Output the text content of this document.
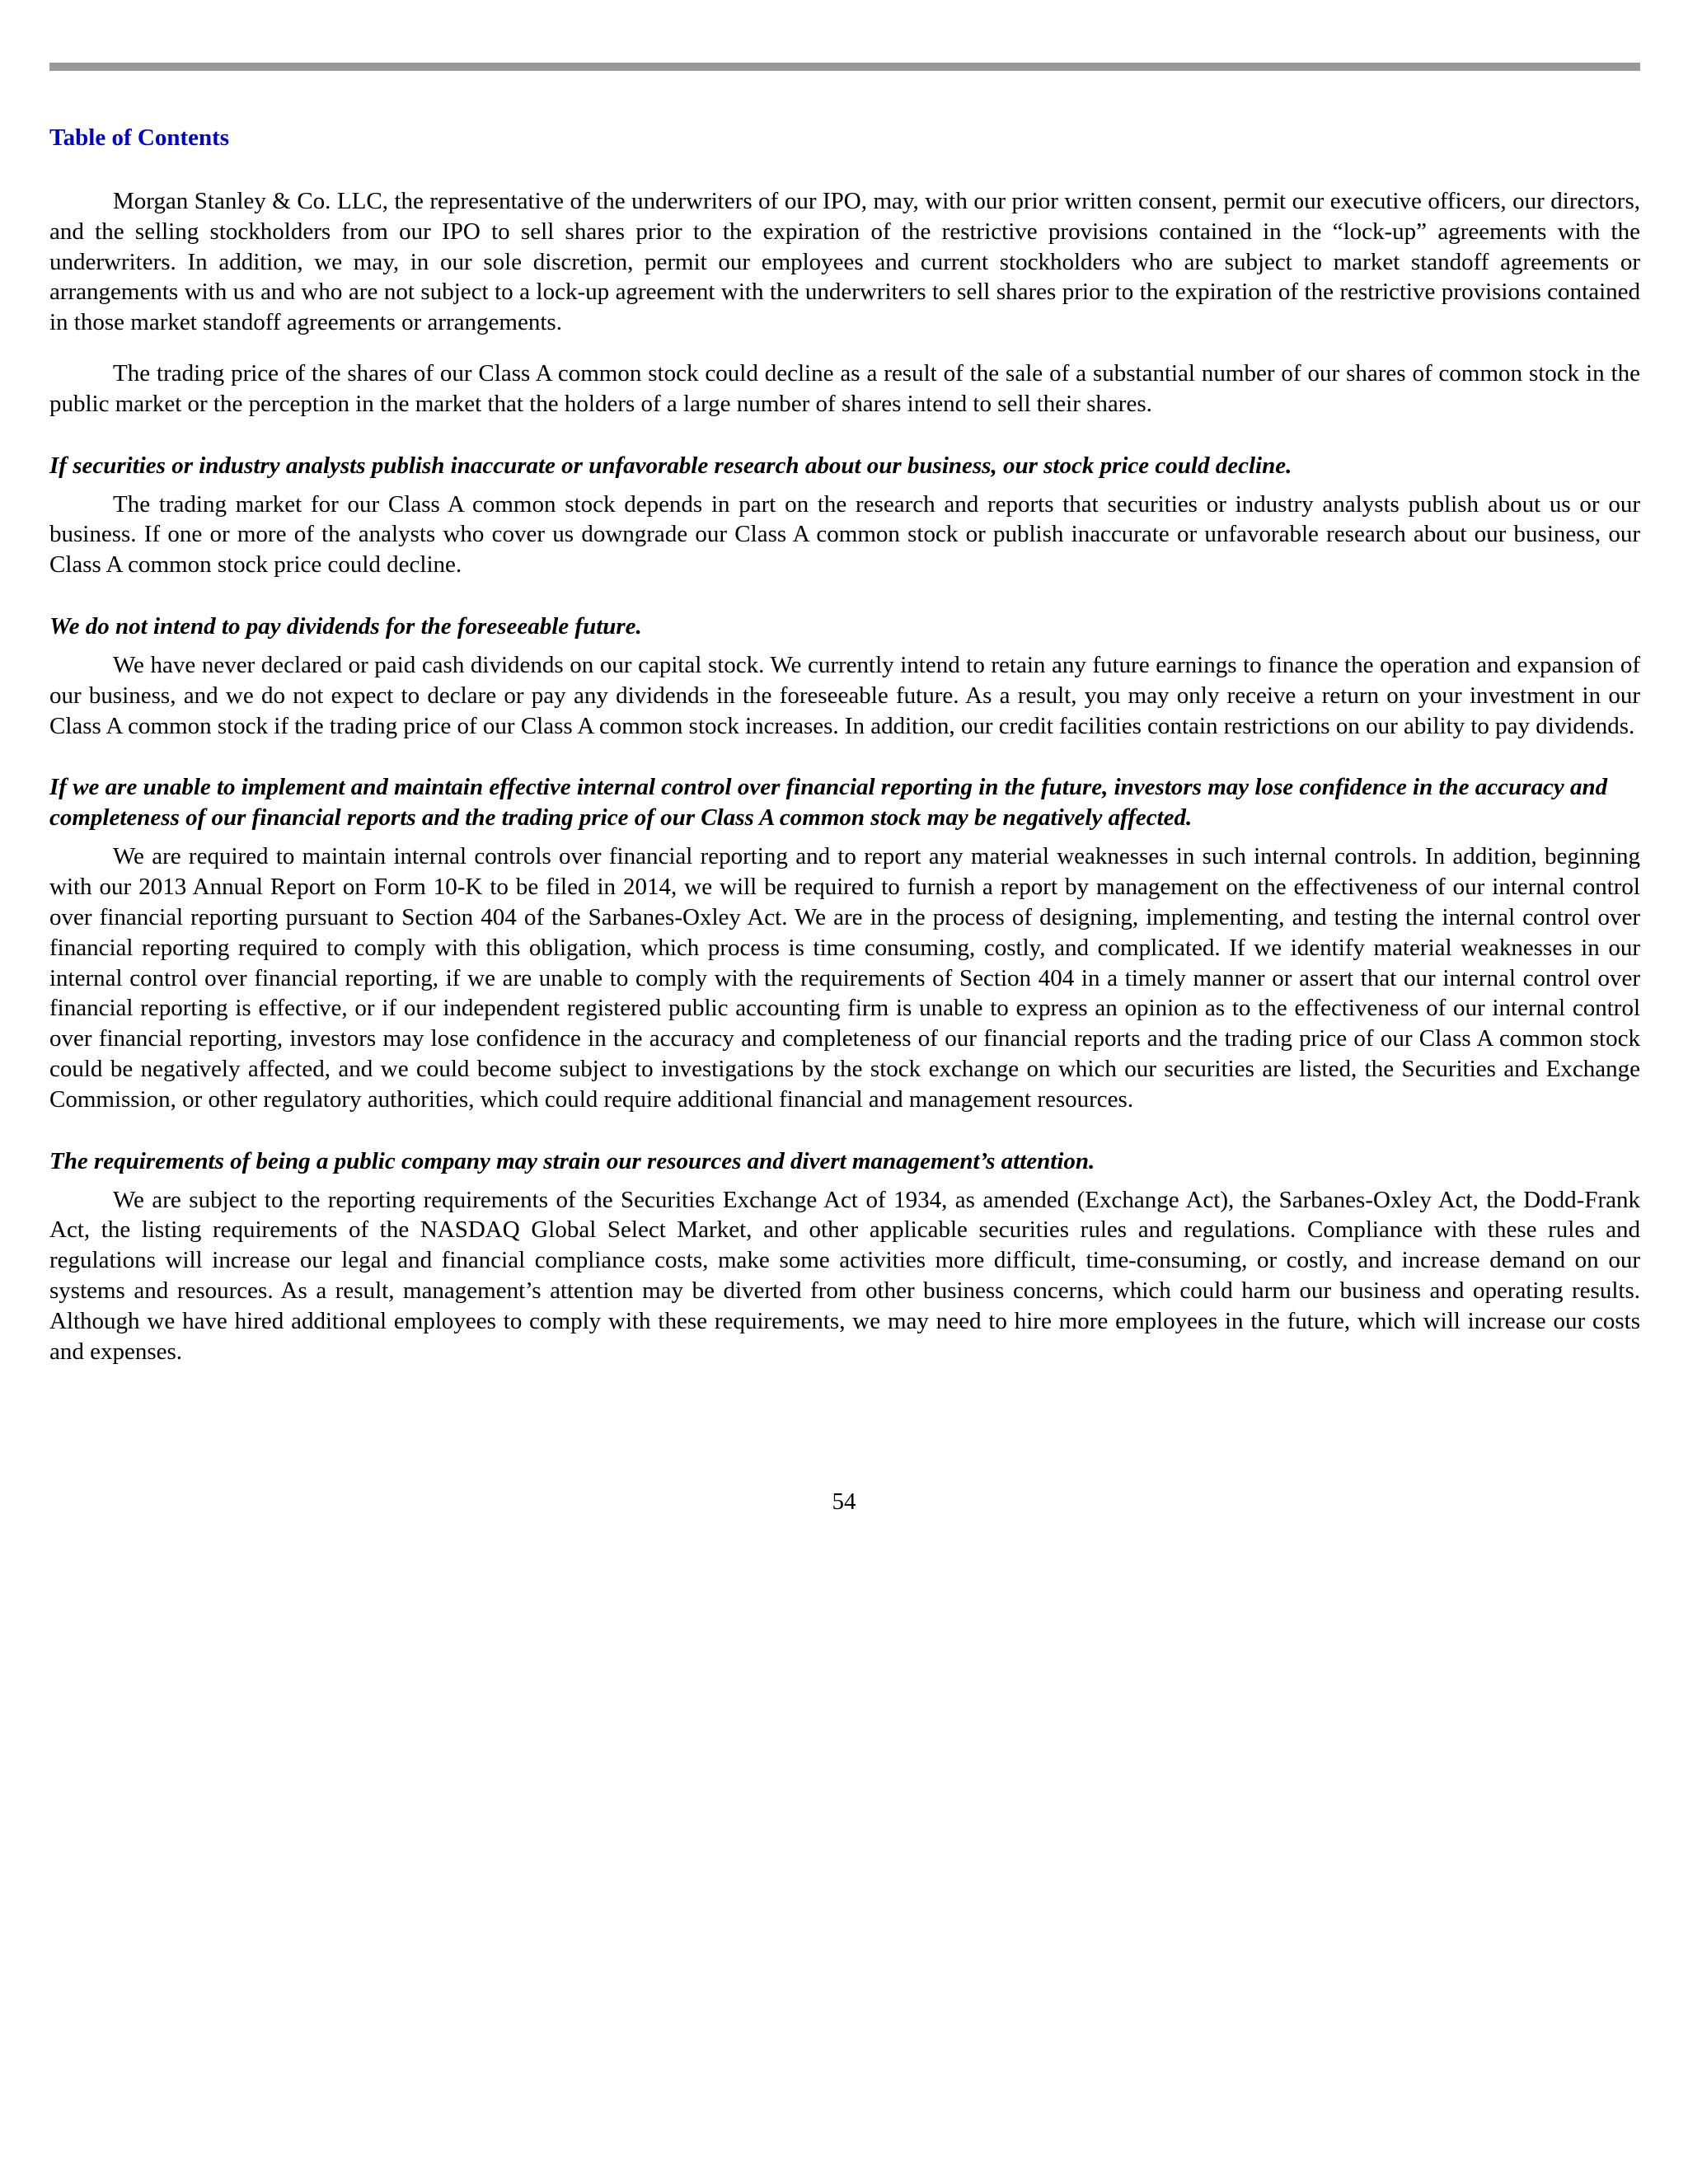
Table of Contents

Morgan Stanley & Co. LLC, the representative of the underwriters of our IPO, may, with our prior written consent, permit our executive officers, our directors, and the selling stockholders from our IPO to sell shares prior to the expiration of the restrictive provisions contained in the “lock-up” agreements with the underwriters. In addition, we may, in our sole discretion, permit our employees and current stockholders who are subject to market standoff agreements or arrangements with us and who are not subject to a lock-up agreement with the underwriters to sell shares prior to the expiration of the restrictive provisions contained in those market standoff agreements or arrangements.

The trading price of the shares of our Class A common stock could decline as a result of the sale of a substantial number of our shares of common stock in the public market or the perception in the market that the holders of a large number of shares intend to sell their shares.

If securities or industry analysts publish inaccurate or unfavorable research about our business, our stock price could decline.

The trading market for our Class A common stock depends in part on the research and reports that securities or industry analysts publish about us or our business. If one or more of the analysts who cover us downgrade our Class A common stock or publish inaccurate or unfavorable research about our business, our Class A common stock price could decline.

We do not intend to pay dividends for the foreseeable future.

We have never declared or paid cash dividends on our capital stock. We currently intend to retain any future earnings to finance the operation and expansion of our business, and we do not expect to declare or pay any dividends in the foreseeable future. As a result, you may only receive a return on your investment in our Class A common stock if the trading price of our Class A common stock increases. In addition, our credit facilities contain restrictions on our ability to pay dividends.

If we are unable to implement and maintain effective internal control over financial reporting in the future, investors may lose confidence in the accuracy and completeness of our financial reports and the trading price of our Class A common stock may be negatively affected.

We are required to maintain internal controls over financial reporting and to report any material weaknesses in such internal controls. In addition, beginning with our 2013 Annual Report on Form 10-K to be filed in 2014, we will be required to furnish a report by management on the effectiveness of our internal control over financial reporting pursuant to Section 404 of the Sarbanes-Oxley Act. We are in the process of designing, implementing, and testing the internal control over financial reporting required to comply with this obligation, which process is time consuming, costly, and complicated. If we identify material weaknesses in our internal control over financial reporting, if we are unable to comply with the requirements of Section 404 in a timely manner or assert that our internal control over financial reporting is effective, or if our independent registered public accounting firm is unable to express an opinion as to the effectiveness of our internal control over financial reporting, investors may lose confidence in the accuracy and completeness of our financial reports and the trading price of our Class A common stock could be negatively affected, and we could become subject to investigations by the stock exchange on which our securities are listed, the Securities and Exchange Commission, or other regulatory authorities, which could require additional financial and management resources.

The requirements of being a public company may strain our resources and divert management’s attention.

We are subject to the reporting requirements of the Securities Exchange Act of 1934, as amended (Exchange Act), the Sarbanes-Oxley Act, the Dodd-Frank Act, the listing requirements of the NASDAQ Global Select Market, and other applicable securities rules and regulations. Compliance with these rules and regulations will increase our legal and financial compliance costs, make some activities more difficult, time-consuming, or costly, and increase demand on our systems and resources. As a result, management’s attention may be diverted from other business concerns, which could harm our business and operating results. Although we have hired additional employees to comply with these requirements, we may need to hire more employees in the future, which will increase our costs and expenses.

54
